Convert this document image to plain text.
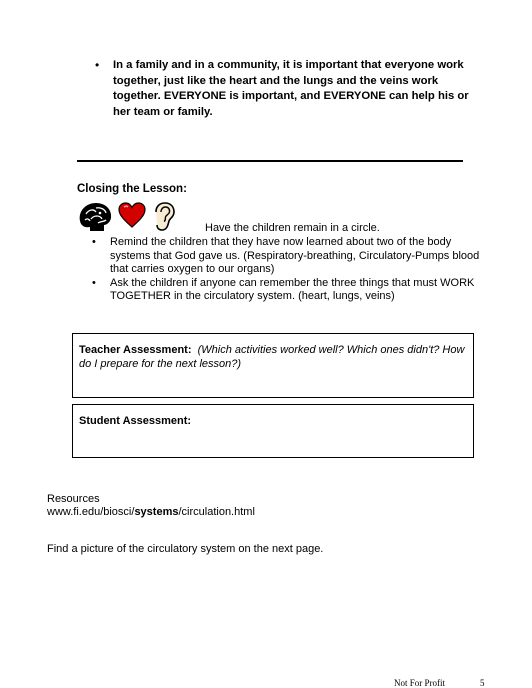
•	In a family and in a community, it is important that everyone work together, just like the heart and the lungs and the veins work together. EVERYONE is important, and EVERYONE can help his or her team or family.
Closing the Lesson:
Have the children remain in a circle.
• Remind the children that they have now learned about two of the body systems that God gave us. (Respiratory-breathing, Circulatory-Pumps blood that carries oxygen to our organs)
• Ask the children if anyone can remember the three things that must WORK TOGETHER in the circulatory system. (heart, lungs, veins)
Teacher Assessment: (Which activities worked well? Which ones didn't? How do I prepare for the next lesson?)
Student Assessment:
Resources
www.fi.edu/biosci/systems/circulation.html
Find a picture of the circulatory system on the next page.
Not For Profit	5
